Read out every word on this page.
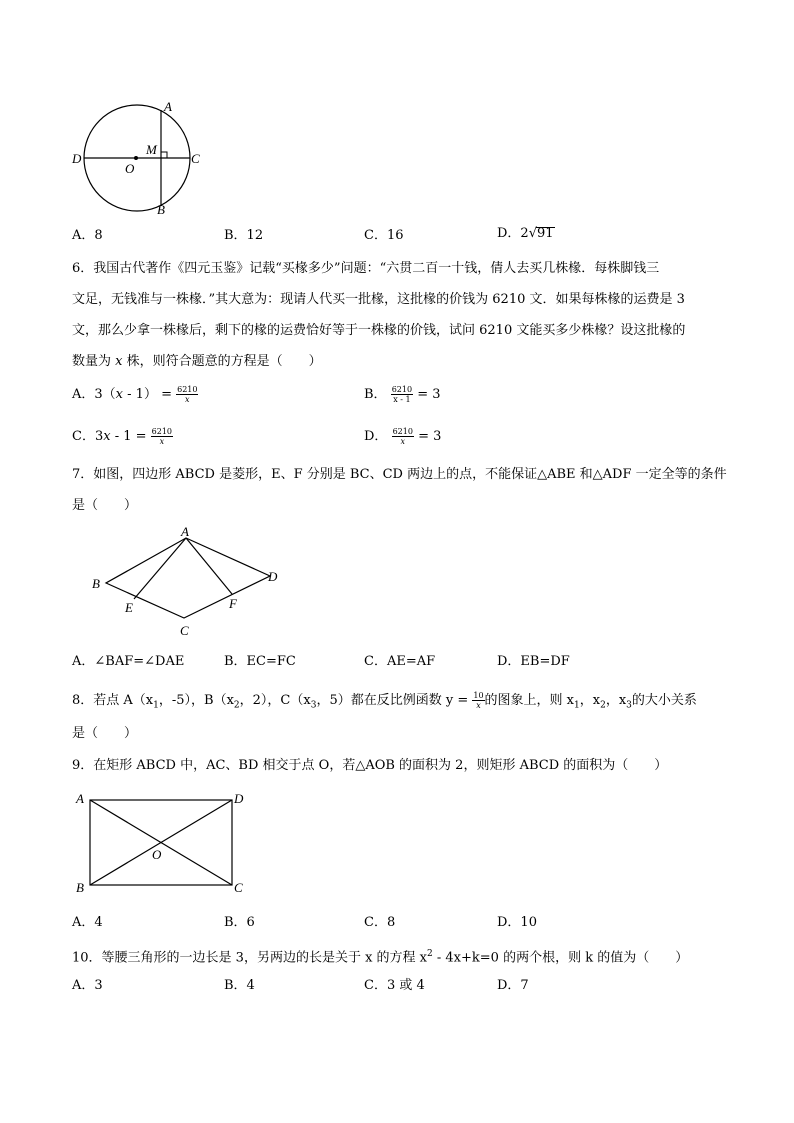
A
B
C
D
O
M
A．8	B．12	C．16	D．2√91
6．我国古代著作《四元玉鉴》记载“买椽多少”问题：“六贯二百一十钱，倩人去买几株椽．每株脚钱三
文足，无钱准与一株椽．”其大意为：现请人代买一批椽，这批椽的价钱为 6210 文．如果每株椽的运费是 3
文，那么少拿一株椽后，剩下的椽的运费恰好等于一株椽的价钱，试问 6210 文能买多少株椽？设这批椽的
数量为 x 株，则符合题意的方程是（　　）
A．$3(x - 1) = \frac{6210}{x}$	B． $\frac{6210}{x - 1} = 3$
C．$3x - 1 = \frac{6210}{x}$	D． $\frac{6210}{x} = 3$
7．如图，四边形 ABCD 是菱形，E、F 分别是 BC、CD 两边上的点，不能保证△ABE 和△ADF 一定全等的条件
是（　　）
A
B
C
D
E	F
A．∠BAF=∠DAE	B．EC=FC	C．AE=AF	D．EB=DF
8．若点 $A(x_1$，-5），$B(x_2$，2），$C(x_3$，5）都在反比例函数 $y = \frac{10}{x}$ 的图象上，则 $x_1$，$x_2$，$x_3$的大小关系
是（　　）
9．在矩形 ABCD 中，AC、BD 相交于点 O，若△AOB 的面积为 2，则矩形 ABCD 的面积为（　　）
A
B	C
D
O
A．4	B．6	C．8	D．10
10．等腰三角形的一边长是 3，另两边的长是关于 x 的方程 $x^2 - 4x+k=0$ 的两个根，则 k 的值为（　　）
A．3	B．4	C．3 或 4	D．7
